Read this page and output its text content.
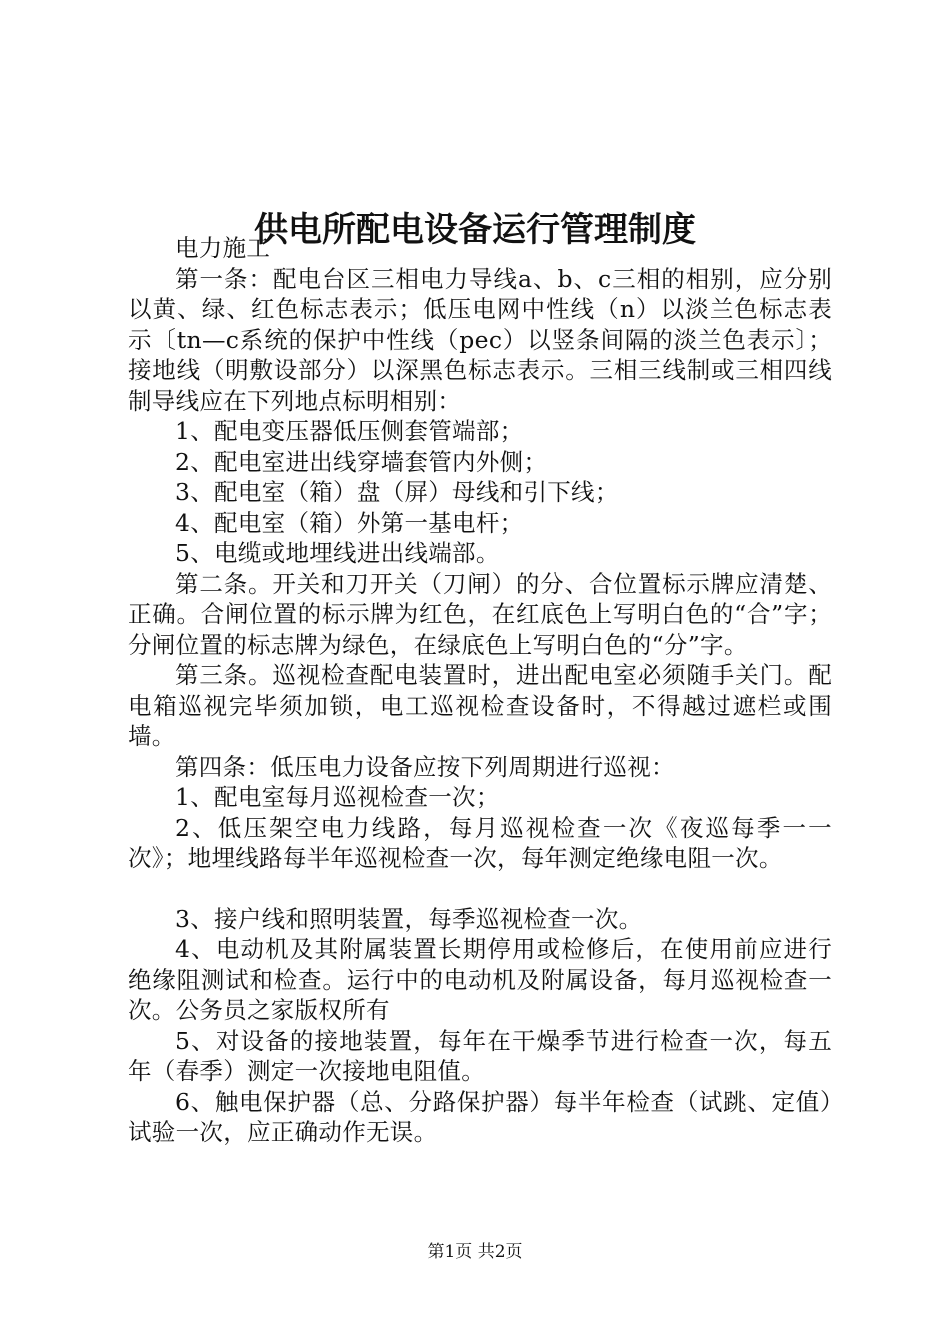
供电所配电设备运行管理制度

电力施工

第一条：配电台区三相电力导线a、b、c三相的相别，应分别以黄、绿、红色标志表示；低压电网中性线（n）以淡兰色标志表示〔tn—c系统的保护中性线（pec）以竖条间隔的淡兰色表示〕；接地线（明敷设部分）以深黑色标志表示。三相三线制或三相四线制导线应在下列地点标明相别：

1、配电变压器低压侧套管端部；

2、配电室进出线穿墙套管内外侧；

3、配电室（箱）盘（屏）母线和引下线；

4、配电室（箱）外第一基电杆；

5、电缆或地埋线进出线端部。

第二条。开关和刀开关（刀闸）的分、合位置标示牌应清楚、正确。合闸位置的标示牌为红色，在红底色上写明白色的“合”字；分闸位置的标志牌为绿色，在绿底色上写明白色的“分”字。

第三条。巡视检查配电装置时，进出配电室必须随手关门。配电箱巡视完毕须加锁，电工巡视检查设备时，不得越过遮栏或围墙。

第四条：低压电力设备应按下列周期进行巡视：

1、配电室每月巡视检查一次；

2、低压架空电力线路，每月巡视检查一次《夜巡每季一一次》；地埋线路每半年巡视检查一次，每年测定绝缘电阻一次。

3、接户线和照明装置，每季巡视检查一次。

4、电动机及其附属装置长期停用或检修后，在使用前应进行绝缘阻测试和检查。运行中的电动机及附属设备，每月巡视检查一次。公务员之家版权所有

5、对设备的接地装置，每年在干燥季节进行检查一次，每五年（春季）测定一次接地电阻值。

6、触电保护器（总、分路保护器）每半年检查（试跳、定值）试验一次，应正确动作无误。

第1页 共2页
